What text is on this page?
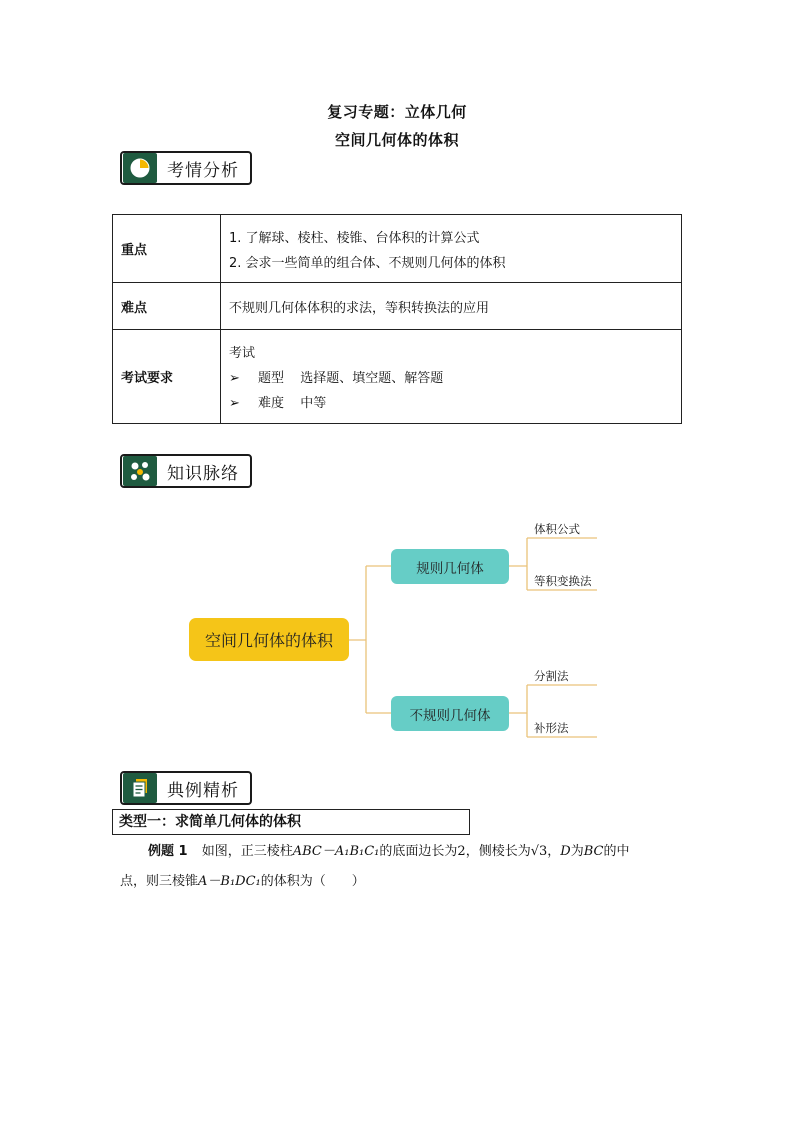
复习专题：立体几何
空间几何体的体积
考情分析
重点	1. 了解球、棱柱、棱锥、台体积的计算公式
2. 会求一些简单的组合体、不规则几何体的体积

难点	不规则几何体体积的求法，等积转换法的应用
考试要求	考试
➢ 题型 选择题、填空题、解答题
➢ 难度 中等
知识脉络
空间几何体的体积
规则几何体
不规则几何体
体积公式
等积变换法
分割法
补形法
典例精析
类型一：求简单几何体的体积
例题 1 如图，正三棱柱ABC－A₁B₁C₁的底面边长为2，侧棱长为√3，D为BC的中
点，则三棱锥A－B₁DC₁的体积为（　　）
